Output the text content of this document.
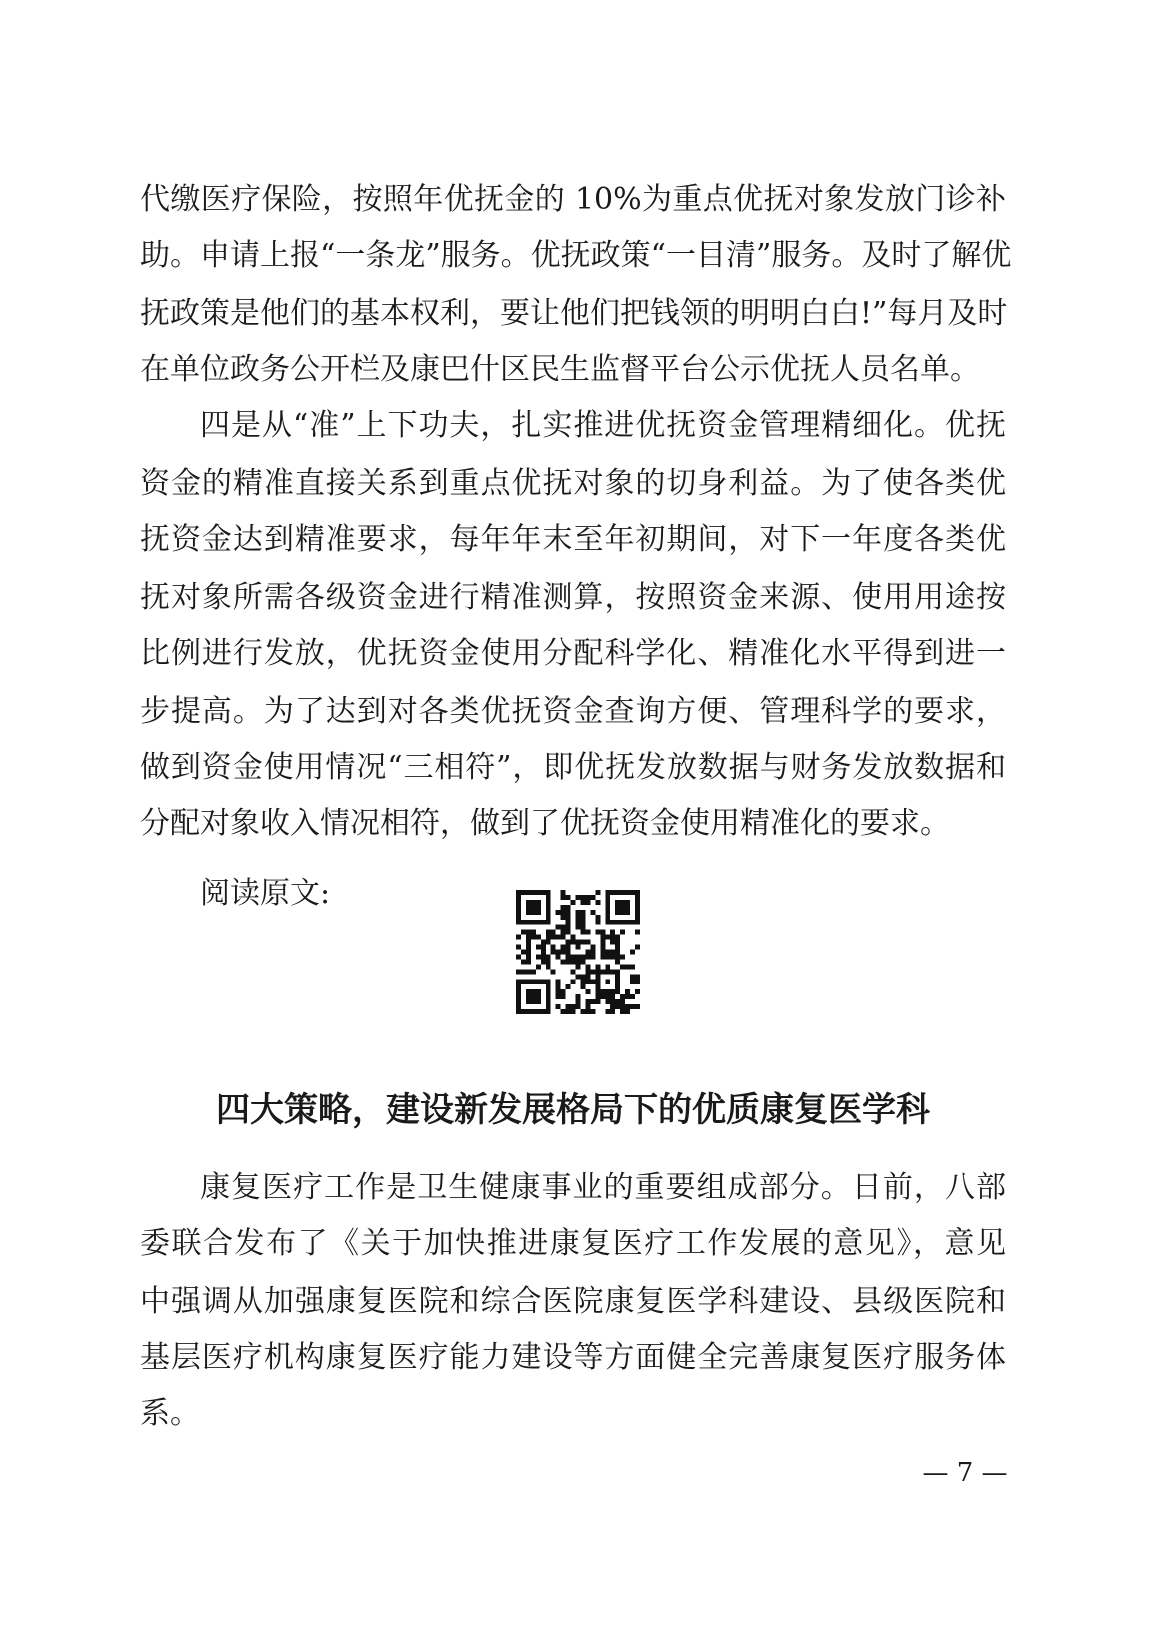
代缴医疗保险，按照年优抚金的 10%为重点优抚对象发放门诊补
助。申请上报“一条龙”服务。优抚政策“一目清”服务。及时了解优
抚政策是他们的基本权利，要让他们把钱领的明明白白!”每月及时
在单位政务公开栏及康巴什区民生监督平台公示优抚人员名单。
四是从“准”上下功夫，扎实推进优抚资金管理精细化。优抚
资金的精准直接关系到重点优抚对象的切身利益。为了使各类优
抚资金达到精准要求，每年年末至年初期间，对下一年度各类优
抚对象所需各级资金进行精准测算，按照资金来源、使用用途按
比例进行发放，优抚资金使用分配科学化、精准化水平得到进一
步提高。为了达到对各类优抚资金查询方便、管理科学的要求，
做到资金使用情况“三相符”，即优抚发放数据与财务发放数据和
分配对象收入情况相符，做到了优抚资金使用精准化的要求。
阅读原文:
四大策略，建设新发展格局下的优质康复医学科
康复医疗工作是卫生健康事业的重要组成部分。日前，八部
委联合发布了《关于加快推进康复医疗工作发展的意见》，意见
中强调从加强康复医院和综合医院康复医学科建设、县级医院和
基层医疗机构康复医疗能力建设等方面健全完善康复医疗服务体
系。
— 7 —
